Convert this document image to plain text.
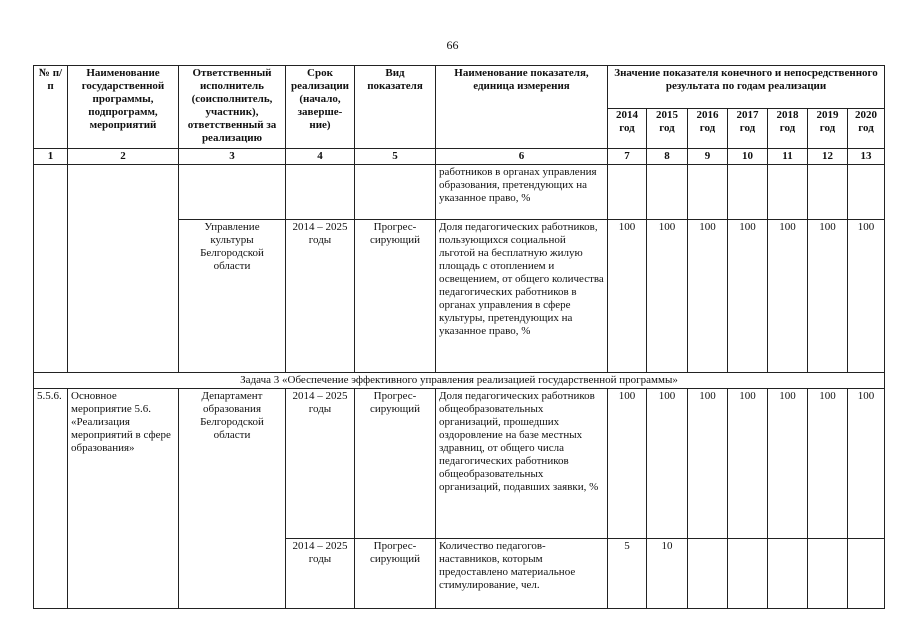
66
№ п/п	Наименование государственной программы, подпрограмм, мероприятий	Ответственный исполнитель (соисполнитель, участник), ответственный за реализацию	Срок реализации (начало, заверше-ние)	Вид показателя	Наименование показателя, единица измерения	Значение показателя конечного и непосредственного результата по годам реализации						
						2014 год	2015 год	2016 год	2017 год	2018 год	2019 год	2020 год
1	2	3	4	5	6	7	8	9	10	11	12	13
					работников в органах управления образования, претендующих на указанное право, %							
		Управление культуры Белгородской области	2014 – 2025 годы	Прогрес-сирующий	Доля педагогических работников, пользующихся социальной льготой на бесплатную жилую площадь с отоплением и освещением, от общего количества педагогических работников в органах управления в сфере культуры, претендующих на указанное право, %	100	100	100	100	100	100	100
Задача 3 «Обеспечение эффективного управления реализацией государственной программы»												
5.5.6.	Основное мероприятие 5.6. «Реализация мероприятий в сфере образования»	Департамент образования Белгородской области	2014 – 2025 годы	Прогрес-сирующий	Доля педагогических работников общеобразовательных организаций, прошедших оздоровление на базе местных здравниц, от общего числа педагогических работников общеобразовательных организаций, подавших заявки, %	100	100	100	100	100	100	100
			2014 – 2025 годы	Прогрес-сирующий	Количество педагогов-наставников, которым предоставлено материальное стимулирование, чел.	5	10					
